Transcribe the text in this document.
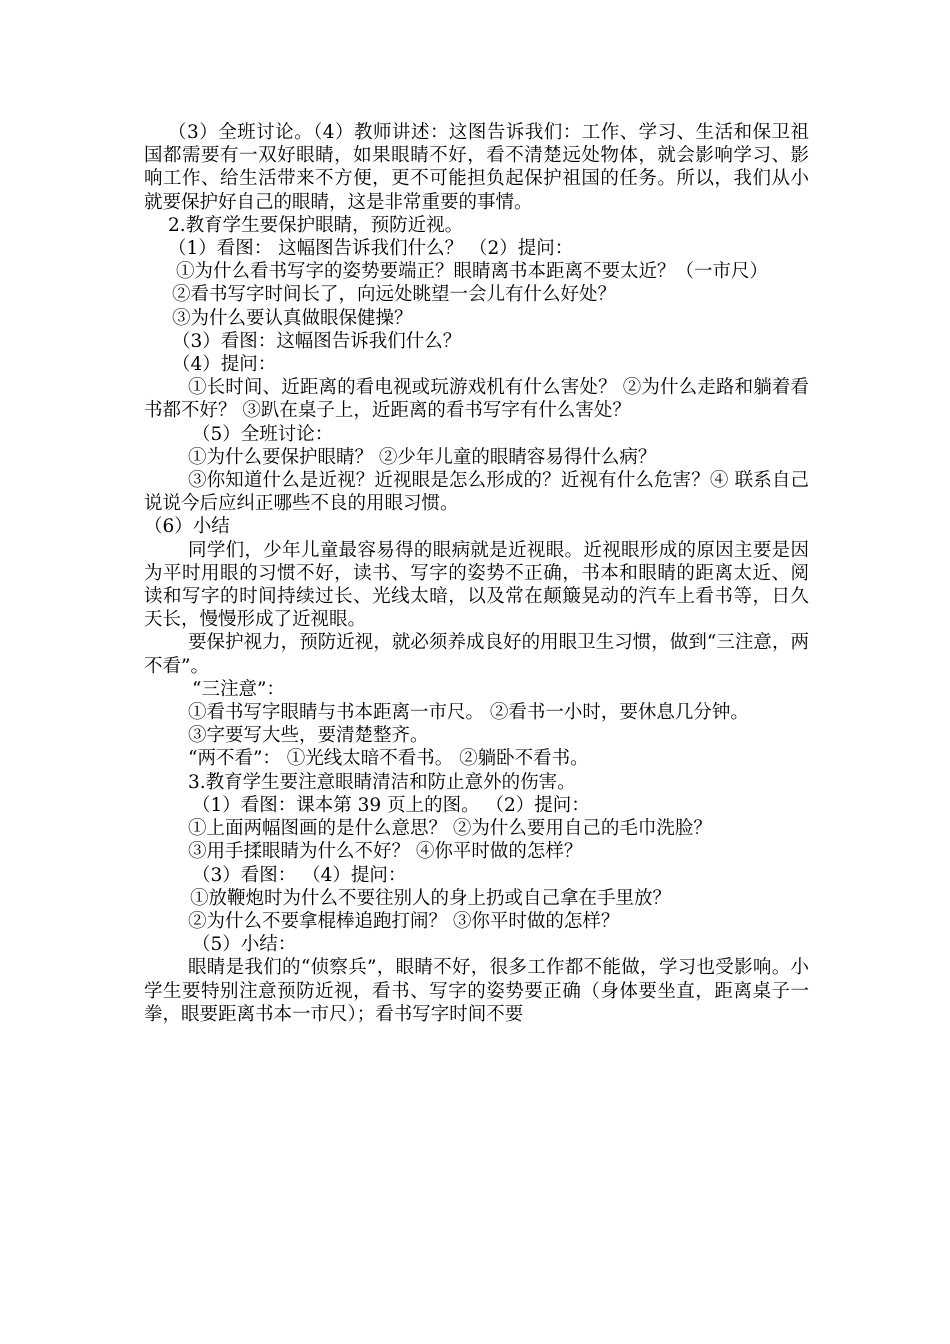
（3）全班讨论。（4）教师讲述：这图告诉我们：工作、学习、生活和保卫祖国都需要有一双好眼睛，如果眼睛不好，看不清楚远处物体，就会影响学习、影响工作、给生活带来不方便，更不可能担负起保护祖国的任务。所以，我们从小就要保护好自己的眼睛，这是非常重要的事情。

2.教育学生要保护眼睛，预防近视。

（1）看图： 这幅图告诉我们什么？ （2）提问：

①为什么看书写字的姿势要端正？眼睛离书本距离不要太近？（一市尺）

②看书写字时间长了，向远处眺望一会儿有什么好处？

③为什么要认真做眼保健操？

（3）看图：这幅图告诉我们什么？

（4）提问：

①长时间、近距离的看电视或玩游戏机有什么害处？ ②为什么走路和躺着看书都不好？ ③趴在桌子上，近距离的看书写字有什么害处？

（5）全班讨论：

①为什么要保护眼睛？ ②少年儿童的眼睛容易得什么病？

③你知道什么是近视？近视眼是怎么形成的？近视有什么危害？④ 联系自己说说今后应纠正哪些不良的用眼习惯。

（6）小结

同学们，少年儿童最容易得的眼病就是近视眼。近视眼形成的原因主要是因为平时用眼的习惯不好，读书、写字的姿势不正确，书本和眼睛的距离太近、阅读和写字的时间持续过长、光线太暗，以及常在颠簸晃动的汽车上看书等，日久天长，慢慢形成了近视眼。

要保护视力，预防近视，就必须养成良好的用眼卫生习惯，做到“三注意，两不看”。

“三注意”：

①看书写字眼睛与书本距离一市尺。 ②看书一小时，要休息几分钟。

③字要写大些，要清楚整齐。

“两不看”： ①光线太暗不看书。 ②躺卧不看书。

3.教育学生要注意眼睛清洁和防止意外的伤害。

（1）看图：课本第 39 页上的图。 （2）提问：

①上面两幅图画的是什么意思？ ②为什么要用自己的毛巾洗脸？

③用手揉眼睛为什么不好？ ④你平时做的怎样？

（3）看图： （4）提问：

①放鞭炮时为什么不要往别人的身上扔或自己拿在手里放？

②为什么不要拿棍棒追跑打闹？ ③你平时做的怎样？

（5）小结：

眼睛是我们的“侦察兵”，眼睛不好，很多工作都不能做，学习也受影响。小学生要特别注意预防近视，看书、写字的姿势要正确（身体要坐直，距离桌子一拳，眼要距离书本一市尺）；看书写字时间不要
